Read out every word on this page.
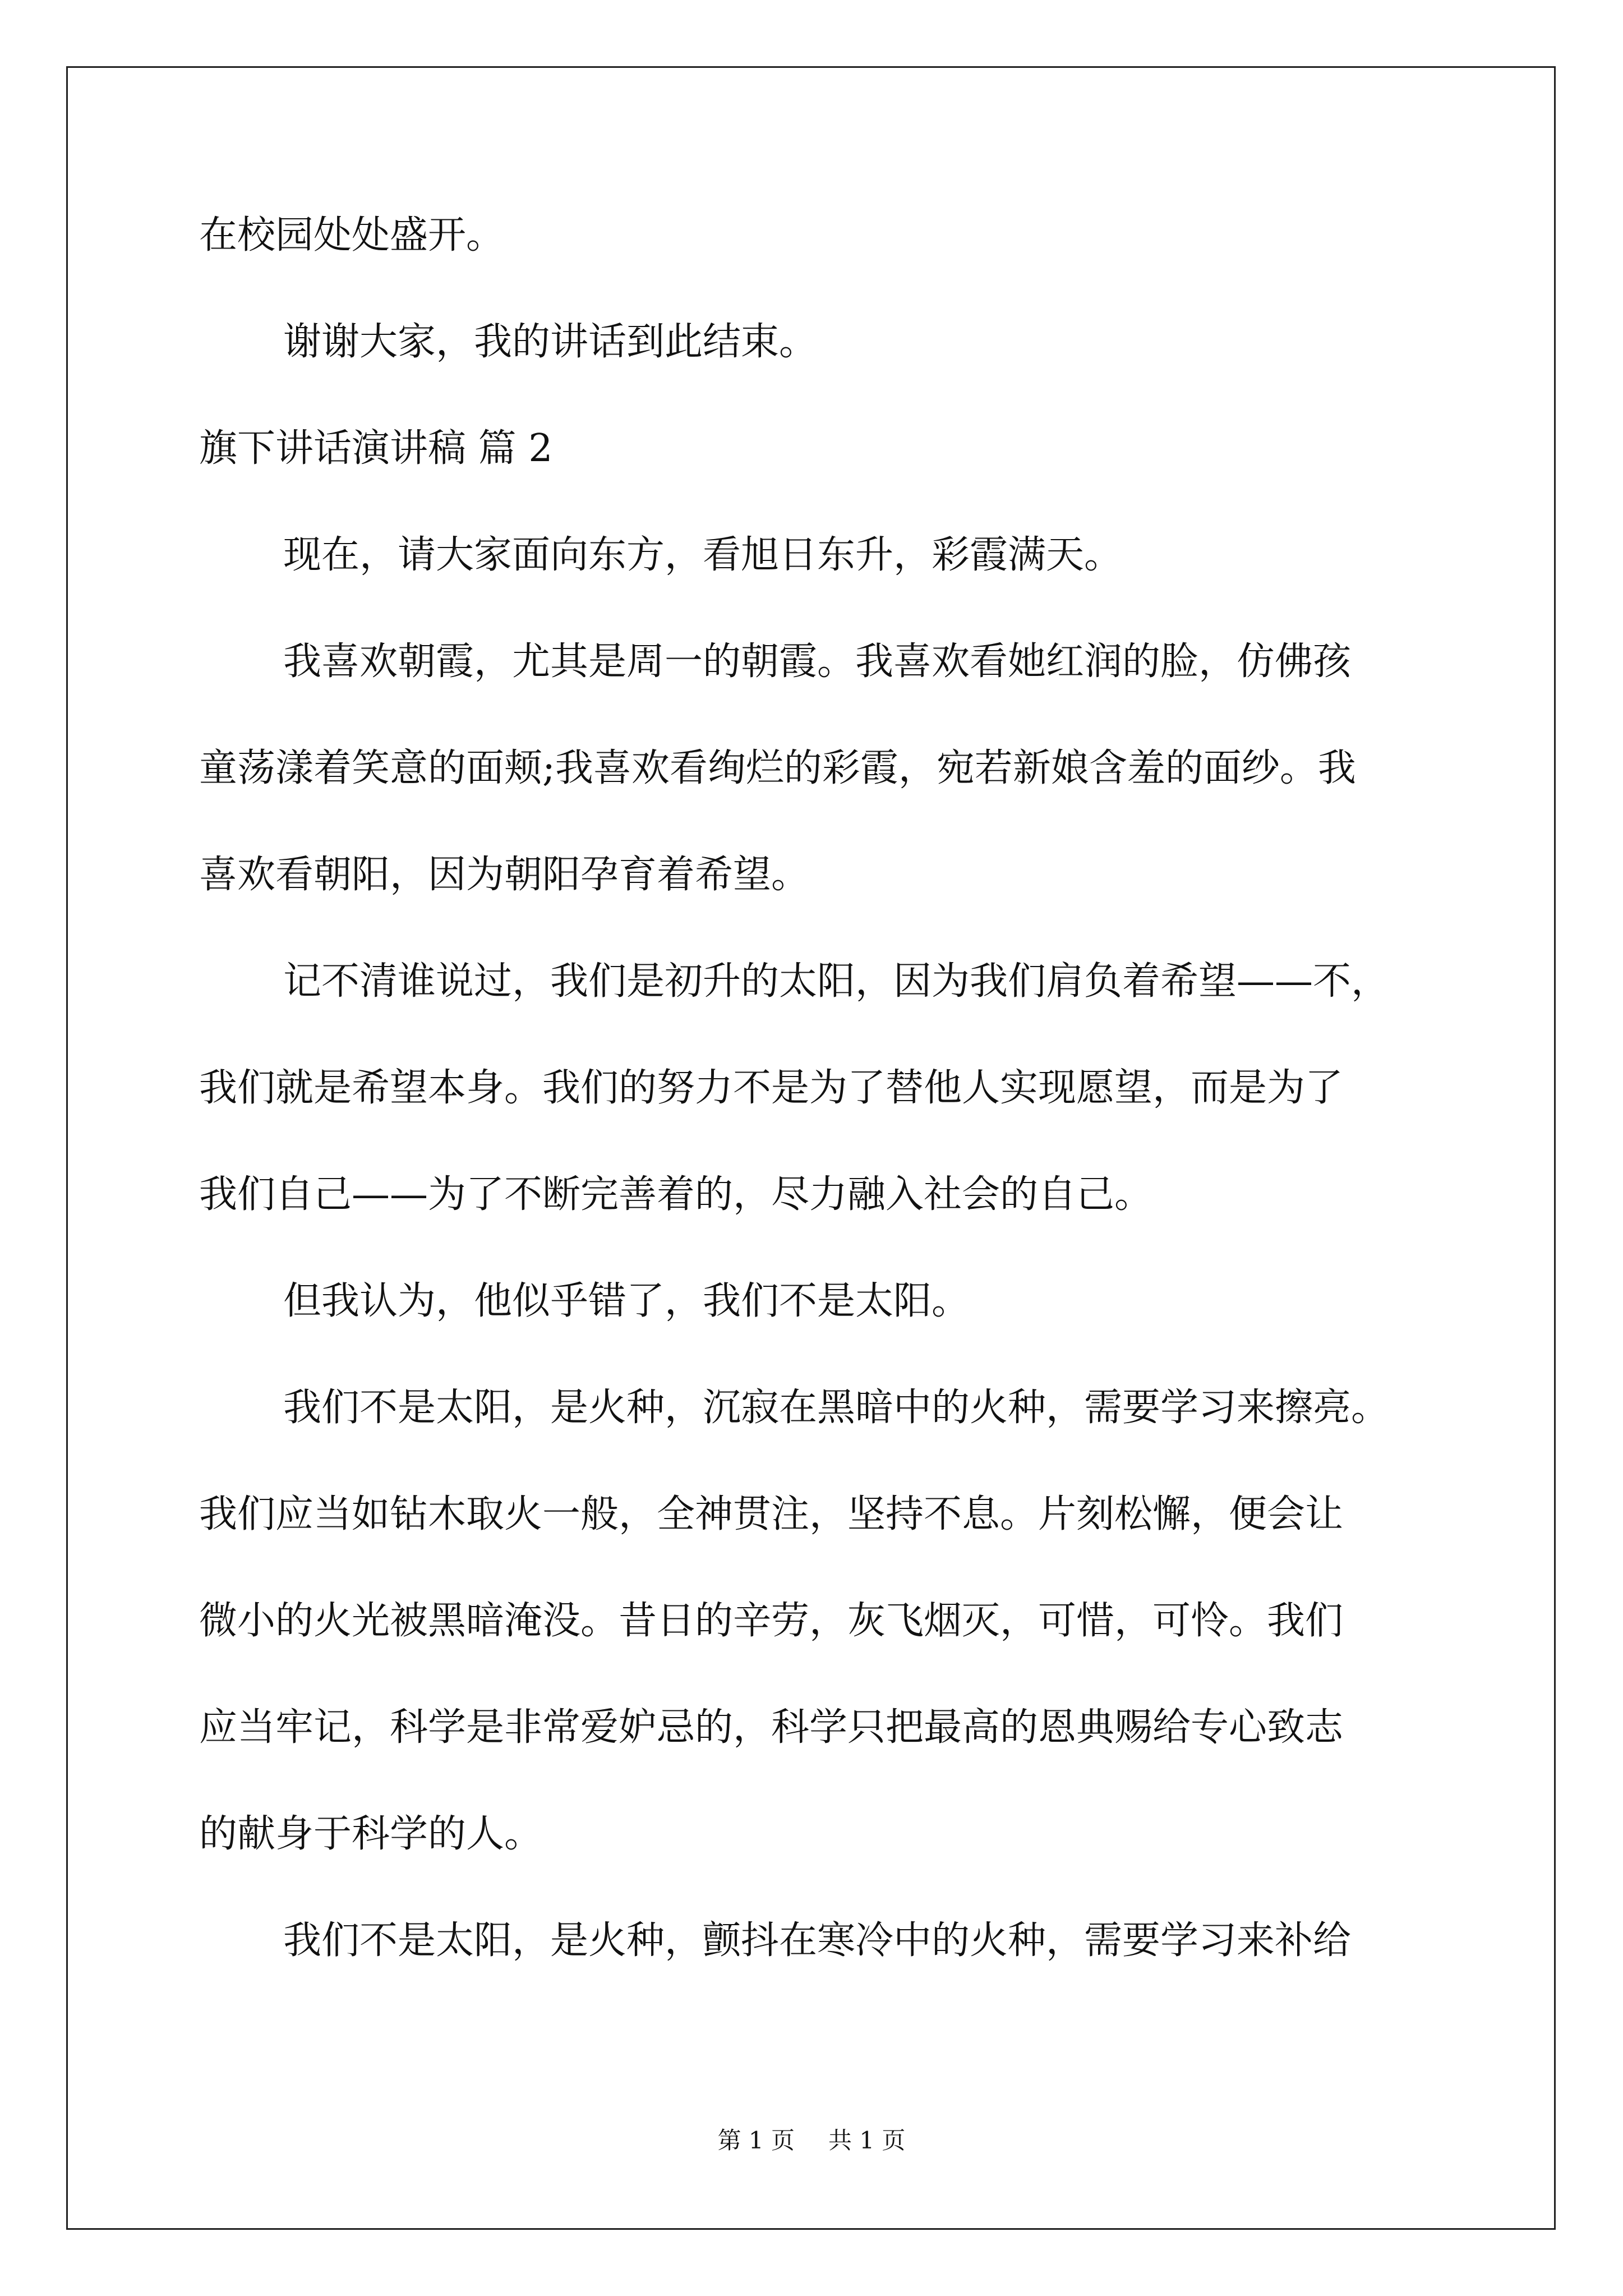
在校园处处盛开。
谢谢大家，我的讲话到此结束。
旗下讲话演讲稿 篇 2
现在，请大家面向东方，看旭日东升，彩霞满天。
我喜欢朝霞，尤其是周一的朝霞。我喜欢看她红润的脸，仿佛孩
童荡漾着笑意的面颊;我喜欢看绚烂的彩霞，宛若新娘含羞的面纱。我
喜欢看朝阳，因为朝阳孕育着希望。
记不清谁说过，我们是初升的太阳，因为我们肩负着希望——不，
我们就是希望本身。我们的努力不是为了替他人实现愿望，而是为了
我们自己——为了不断完善着的，尽力融入社会的自己。
但我认为，他似乎错了，我们不是太阳。
我们不是太阳，是火种，沉寂在黑暗中的火种，需要学习来擦亮。
我们应当如钻木取火一般，全神贯注，坚持不息。片刻松懈，便会让
微小的火光被黑暗淹没。昔日的辛劳，灰飞烟灭，可惜，可怜。我们
应当牢记，科学是非常爱妒忌的，科学只把最高的恩典赐给专心致志
的献身于科学的人。
我们不是太阳，是火种，颤抖在寒冷中的火种，需要学习来补给
第 1 页 共 1 页
